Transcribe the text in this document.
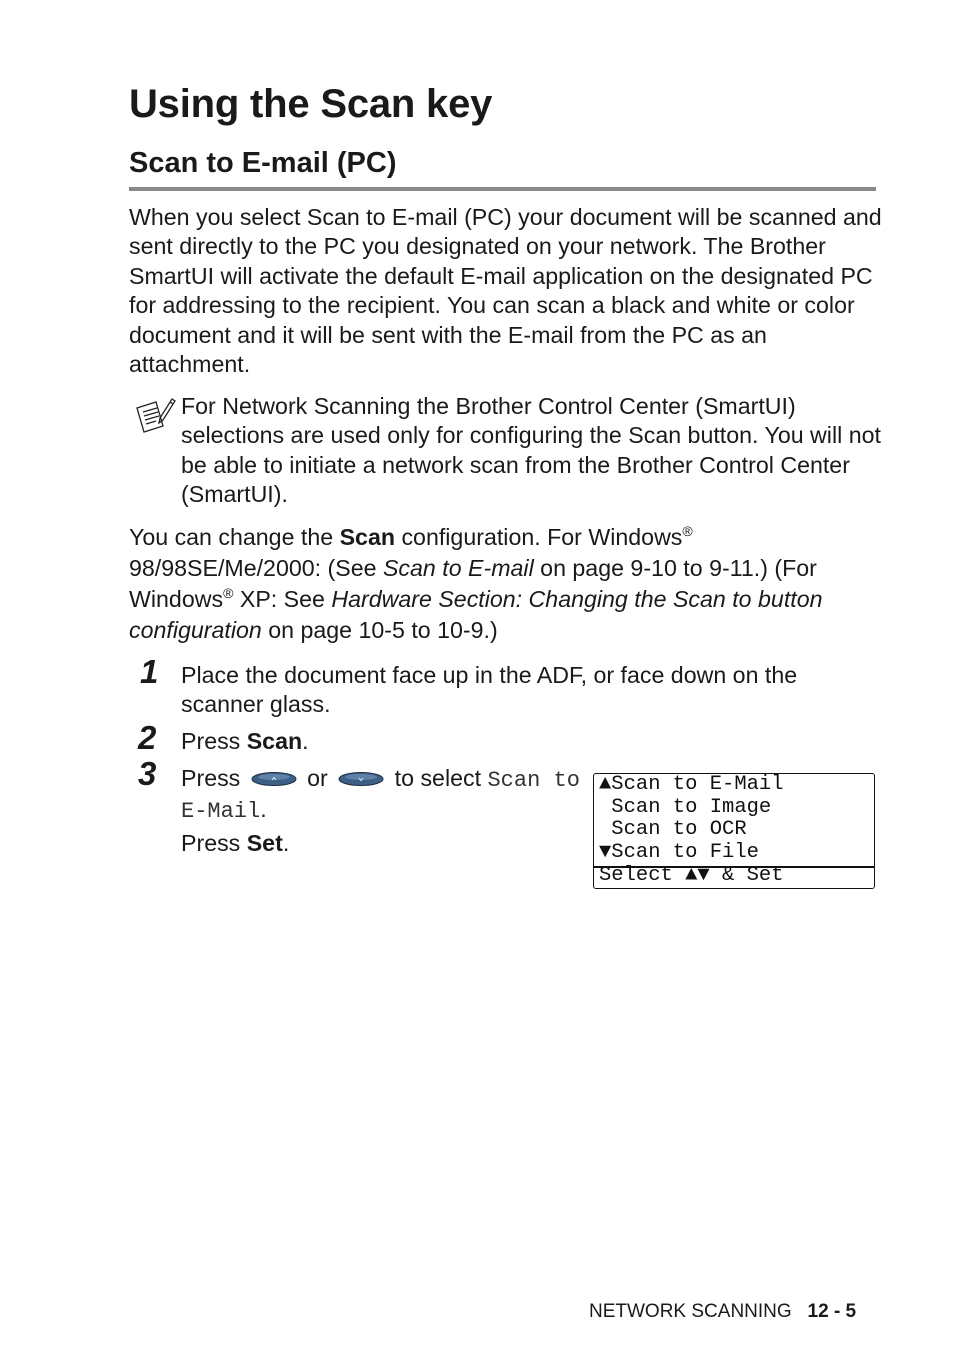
Using the Scan key
Scan to E-mail (PC)
When you select Scan to E-mail (PC) your document will be scanned and sent directly to the PC you designated on your network. The Brother SmartUI will activate the default E-mail application on the designated PC for addressing to the recipient. You can scan a black and white or color document and it will be sent with the E-mail from the PC as an attachment.
For Network Scanning the Brother Control Center (SmartUI) selections are used only for configuring the Scan button. You will not be able to initiate a network scan from the Brother Control Center (SmartUI).
You can change the Scan configuration. For Windows® 98/98SE/Me/2000: (See Scan to E-mail on page 9-10 to 9-11.) (For Windows® XP: See Hardware Section: Changing the Scan to button configuration on page 10-5 to 10-9.)
1 Place the document face up in the ADF, or face down on the scanner glass.
2	Press Scan.
3	Press  or  to select Scan to E-Mail.
Press Set.
▲Scan to E-Mail
Scan to Image
Scan to OCR
▼Scan to File
Select ▲▼ & Set
NETWORK SCANNING 12 - 5
